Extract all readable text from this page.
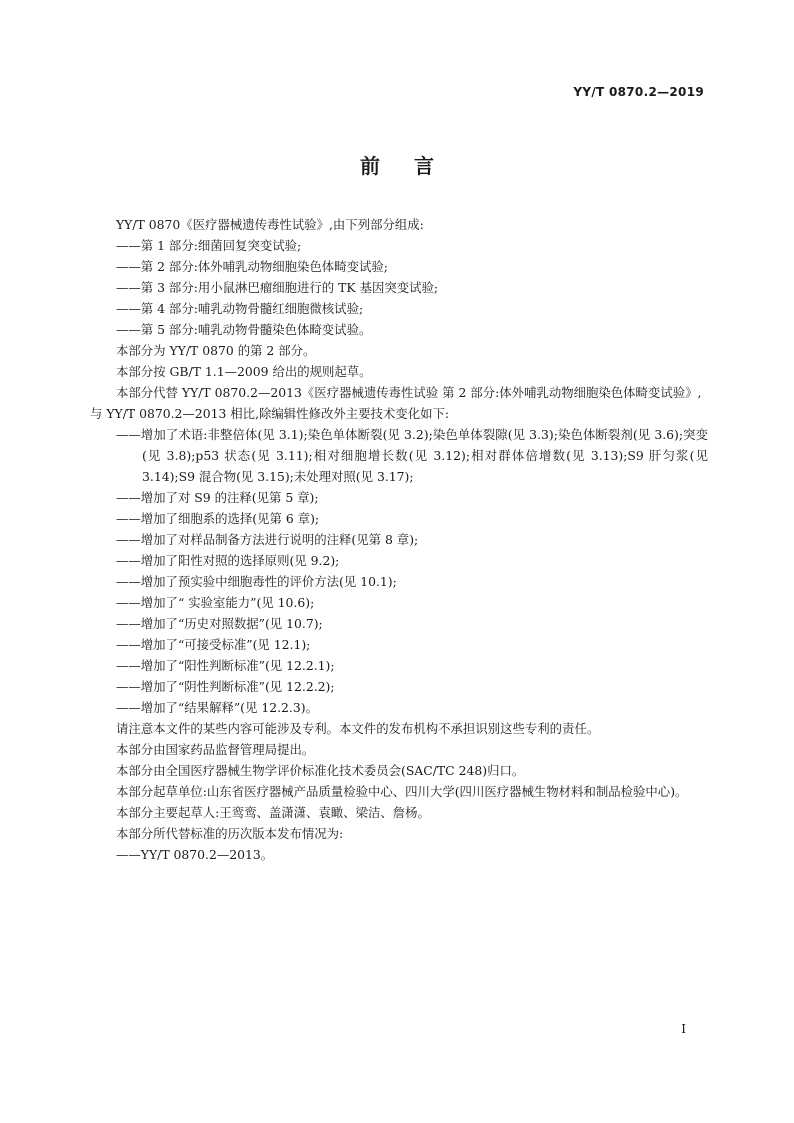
YY/T 0870.2—2019
前言

YY/T 0870《医疗器械遗传毒性试验》,由下列部分组成:

——第 1 部分:细菌回复突变试验;

——第 2 部分:体外哺乳动物细胞染色体畸变试验;

——第 3 部分:用小鼠淋巴瘤细胞进行的 TK 基因突变试验;

——第 4 部分:哺乳动物骨髓红细胞微核试验;

——第 5 部分:哺乳动物骨髓染色体畸变试验。

本部分为 YY/T 0870 的第 2 部分。

本部分按 GB/T 1.1—2009 给出的规则起草。

本部分代替 YY/T 0870.2—2013《医疗器械遗传毒性试验 第 2 部分:体外哺乳动物细胞染色体畸变试验》,与 YY/T 0870.2—2013 相比,除编辑性修改外主要技术变化如下:

——增加了术语:非整倍体(见 3.1);染色单体断裂(见 3.2);染色单体裂隙(见 3.3);染色体断裂剂(见 3.6);突变(见 3.8);p53 状态(见 3.11);相对细胞增长数(见 3.12);相对群体倍增数(见 3.13);S9 肝匀浆(见 3.14);S9 混合物(见 3.15);未处理对照(见 3.17);

——增加了对 S9 的注释(见第 5 章);

——增加了细胞系的选择(见第 6 章);

——增加了对样品制备方法进行说明的注释(见第 8 章);

——增加了阳性对照的选择原则(见 9.2);

——增加了预实验中细胞毒性的评价方法(见 10.1);

——增加了“ 实验室能力”(见 10.6);

——增加了“历史对照数据”(见 10.7);

——增加了“可接受标准”(见 12.1);

——增加了“阳性判断标准”(见 12.2.1);

——增加了“阴性判断标准”(见 12.2.2);

——增加了“结果解释”(见 12.2.3)。

请注意本文件的某些内容可能涉及专利。本文件的发布机构不承担识别这些专利的责任。

本部分由国家药品监督管理局提出。

本部分由全国医疗器械生物学评价标准化技术委员会(SAC/TC 248)归口。

本部分起草单位:山东省医疗器械产品质量检验中心、四川大学(四川医疗器械生物材料和制品检验中心)。

本部分主要起草人:王鸾鸾、盖潇潇、袁瞰、梁洁、詹杨。

本部分所代替标准的历次版本发布情况为:

——YY/T 0870.2—2013。

I
